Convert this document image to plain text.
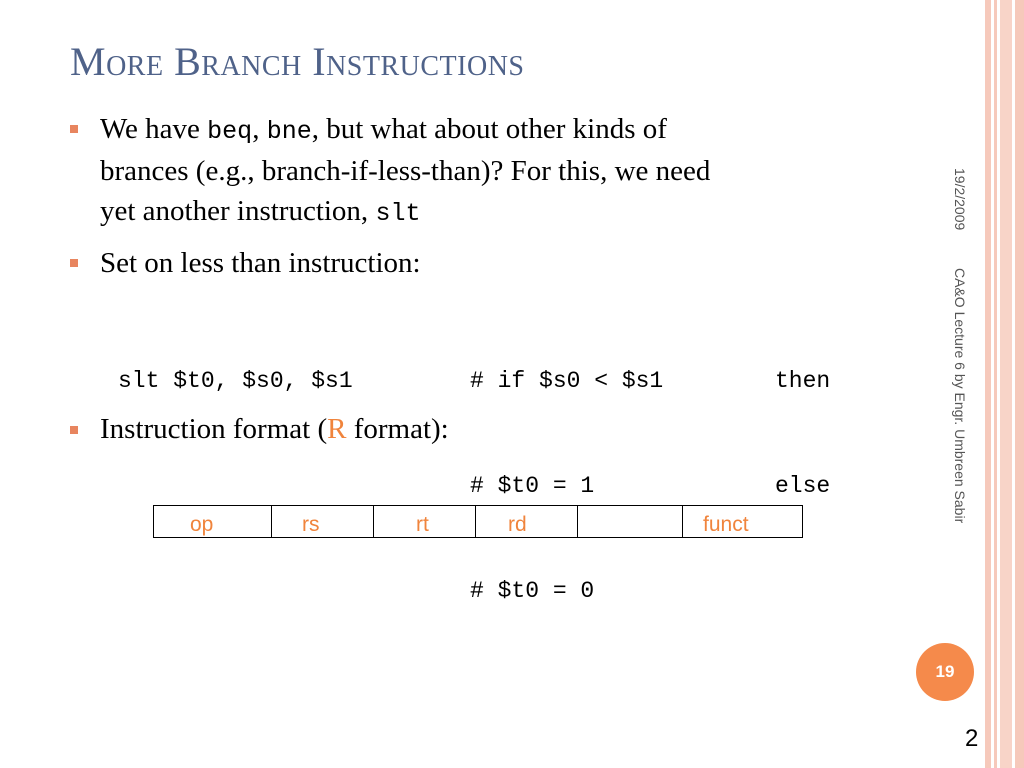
More Branch Instructions
We have beq, bne, but what about other kinds of
brances (e.g., branch-if-less-than)? For this, we need
yet another instruction, slt
Set on less than instruction:

slt $t0, $s0, $s1	# if $s0 < $s1	then

# $t0 = 1	else

# $t0 = 0

Instruction format (R format):
op	rs	rt	rd		funct
19/2/2009
CA&O Lecture 6 by Engr. Umbreen Sabir
19
2
